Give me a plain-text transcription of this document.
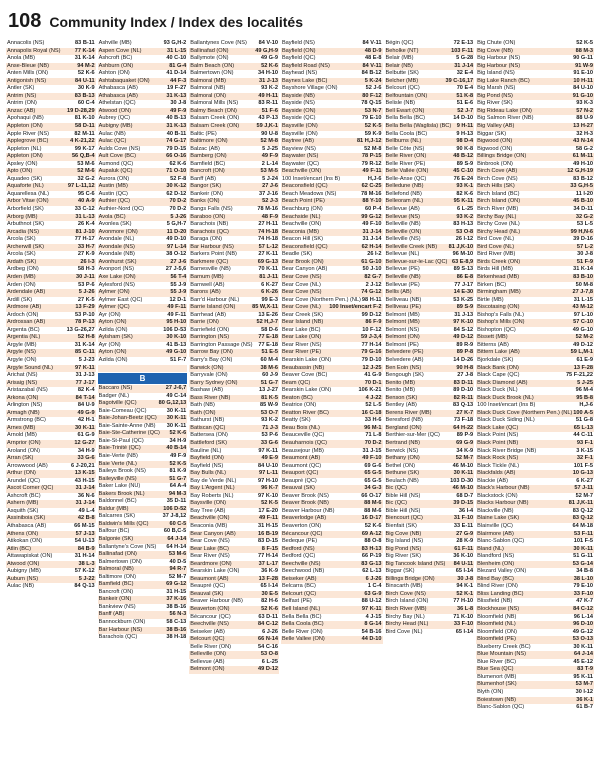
108 Community Index / Index des localités
Annacolis (NS)	83 B-11
Annapolis Royal (NS)	77 K-14
Anola (MB)	31 K-14
Anse-Bleue (NB)	94 M-2
Anten Mills (ON)	52 K-6
Antigonish (NS)	84 U-11
Antler (SK)	30 K-9
Antrim (NS)	83 B-13
Antrim (ON)	60 C-4
Anzac (AB)	19 D-28,29
Apohaqui (NB)	81 K-10
Appleton (ON)	58 D-11
Apple River (NS)	82 M-11
Applegrove (BC)	4 K-21,22
Appleton (NL)	99 K-17
Appleton (ON)	56 Q,B-4
Apsley (ON)	53 M-6
Apto (ON)	52 M-6
Aquadeo (SK)	32 G-2
Aquaforte (NL)	97 L-11,12
Aquarellesa (NL)	95 C-6
Arbor Vitae (ON)	40 A-9
Arborfield (SK)	33 C-12
Arborg (MB)	31 L-13
Arbuthnot (SK)	26 K-4
Arcadia (NS)	81 J-10
Arcola (SK)	77 H-17
Archerwill (SK)	33 H-7
Arcola (SK)	27 K-9
Ardath (SK)	26 I-3
Ardbeg (ON)	58 H-3
Arden (MB)	30 J-11
Arden (ON)	53 P-6
Ardendale (AB)	5 J-26
Ardill (SK)	27 K-5
Ardmore (AB)	13 F-29
Ardoch (ON)	53 P-10
Ardrossan (AB)	78 P-13
Argenta (BC)	13 G-26,27
Argentia (NL)	52 H-8
Argyle (MB)	31 K-14
Argyle (NS)	85 C-11
Argyle (ON)	5 J-23
Argyle Sound (NL)	97 K-11
Arichat (NS)	31 J-13
Arisaig (NS)	77 J-17
Aristazabal (NS)	82 K-4
Arkona (ON)	84 T-14
Arlington (NS)	84 U-9
Armagh (NB)	49 G-9
Armstrong (BC)	42 H-1
Arnes (MB)	30 K-11
Arnold (MB)	61 G-9
Arnprior (ON)	12 G-27
Aroland (ON)	34 H-9
Arran (SK)	33 G-6
Arrowwood (AB)	6 J-20,21
Arthur (ON)	13 K-15
Arundel (QC)	43 H-15
Ascot Corner (QC)	31 J-14
Ashcroft (BC)	36 N-6
Ashern (MB)	31 J-14
Asquith (SK)	49 L-4
Assiniboia (SK)	42 B-8
Athabasca (AB)	66 M-15
Athens (ON)	57 J-13
Atikokan (ON)	54 U-13
Atlin (BC)	84 B-9
Attawapiskat (ON)	31 H-14
Atwood (ON)	38 L-3
Aubigny (MB)	57 K-12
Auburn (NS)	5 J-22
Aulac (NB)	84 Q-13
Ashville (MB)	93 G,H-2
Aspen Cove (NL)	31 L-15
Ashcroft (BC)	40 C-10
Ashburn (ON)	81 G-4
Ashton (ON)	41 D-14
Ashtabaquaket (ON)	44 F-3
Athabasca (AB)	19 F-27
Athabasca (AB)	31 K-13
Athelstan (QC)	30 J-8
Atwood (ON)	49 F-9
Aubrey (QC)	40 B-13
Aubigny (MB)	31 K-13
Aulac (NB)	40 B-11
Aulac (QC)	74 G-17
Aulds Cove (NS)	79 D-15
Ault Cove (BC)	66 O-16
Aumond (QC)	62 K-6
Aupaluk (QC)	71 O-10
Aurora (ON)	52 F-8
Austin (MB)	30 K-12
Austin (QC)	62 D-12
Authier (QC)	70 D-2
Authier-Nord (QC)	70 D-2
Avola (BC)	5 J-26
Avonlea (SK)	5 G,H-7
Avonmore (ON)	11 D-20
Avondale (NL)	49 D-10
Avondale (NS)	97 L-14
Avondale (NB)	38 O-12
Avonhurst (SK)	27 J-6
Avonport (NS)	27 J-5,6
Axe Lake (ON)	56 T-4
Aylesford (NS)	55 J-9
Aylmer (ON)	55 J-9
Aylmer East (QC)	12 D-1
Aylmer (QC)	49 F-11
Ayr (ON)	49 F-11
Ayton (ON)	95 H-10
Azilda (ON)	106 D-53
Aylsham (SK)	30 K-10
Ayr (ON)	41 B-13
Ayton (ON)	49 G-10
Azilda (ON)	51 F-7
B
Baccaro (NS)	27 J-6,7
Badger (NL)	49 C-14
Bagotville (QC)	80 G,12,13
Baie-Comeau (QC)	30 K-11
Baie-Johan-Beetz (QC) 30 K-11
Baie-Sainte-Anne (NB) 30 K-11
Baie-Ste-Catherine (QC) 52 K-6
Baie-St-Paul (QC)	34 H-9
Baie-Trinité (QC)	40 B-14
Baie-Verte (NB)	49 F-9
Baie Verte (NL)	52 K-5
Baileys Brook (NS)	81 K-9
Baileyville (NS)	51 G-7
Baker Lake (NU)	64 A-4
Bakers Brook (NL)	94 M-3
Baldonnel (BC)	35 D-11
Baldur (MB)	106 D-52
Balcarres (SK)	37 J-8,12
Baldwin's Mills (QC)	60 C-5
Balfour (BC)	60 B,C-5
Balgonie (SK)	64 J-14
Ballantyne's Cove (NS) 64 H-14
Ballinafad (ON)	53 M-6
Balmertown (ON)	40 D-5
Balmoral (NB)	94 R-7
Baltimore (ON)	52 M-7
Bamfield (BC)	69 G-12
Bancroft (ON)	31 H-15
Bankeir (ON)	37 K-16
Bankview (NS)	38 B-16
Banff (AB)	56 N-3
Bannockburn (ON)	58 C-13
Bar Harbour (NS)	38 B-16
Barachois (QC)	38 H-18
Ballantynes Cove (NS) 84 V-10
Ballinafad (ON)	49 G,H-9
Ballymote (ON)	49 G-9
Balm Beach (ON)	52 K-6
Balmertown (ON)	34 H-10
Balmoral (MB)	31 J-13
Balmoral (NB)	93 K-2
Balmoral (ON)	49 H-11
Balmoral Mills (NS)	83 R-11
Balmy Beach (ON)	51 F-6
Balsam Creek (ON)	43 P-13
Balsam Creek (ON)	59 J,K-1
Baltic (PE)	90 U-8
Baltimore (ON)	52 M-8
Balzac (AB)	5 J-25
Bamberg (ON)	49 F-9
Bamfield (BC)	2 L-14
Bancroft (ON)	53 M-5
Banff (AB)	5 J-24
Bangor (SK)	27 J-6
Bankeir (ON)	37 J-16
Banks (ON)	52 J-3
Bangs Falls (NS)	78 M-16
Baraboo (ON)	48 F-9
Barachois (NB)	27 H-11
Barachois (QC)	74 H-18
Baraga (ON)	74 H-18
Bar Harbour (NS)	57 L-12
Barkers Point (NB)	27 K-11
Barkmere (QC)	69 G-13
Barnesville (NB)	70 K-11
Barnum (MB)	81 J-11
Barnwell (AB)	6 K-27
Barons (AB)	6 K-26
Barr'd Harbour (NL)	99 E-3
Barrie Island (ON)	85 W,X-11
Barrhead (AB)	13 E-26
Barrie (ON)	52 H,J-7
Barriefield (ON)	58 D-6
Barrington (NS)	77 E-18
Barrington Passage (NS) 77 E-18
Barrow Bay (ON)	51 E-5
Barry's Bay (ON)	60 M-4
Barwick (ON)	38 M-6
Barryvale (ON)	60 J-9
Barry Sydney (ON)	51 G-7
Bashaw (AB)	13 J-27
Bass River (NB)	81 K-5
Bath (NB)	85 W-9
Bath (ON)	53 O-7
Bathurst (NB)	93 K-2
Batiscan (QC)	71 J-3
Battersea (ON)	53 P-6
Battleford (SK)	33 G-6
Bauline (NL)	97 K-11
Bayfield (ON)	49 E-9
Bayfield (NS)	84 U-10
Bay Bulls (NL)	97 L-11
Bay de Verde (NL)	97 H-10
Bay L'Argent (NL)	96 K-7
Bay Roberts (NL)	97 K-10
Baysville (ON)	52 K-5
Bay Tree (AB)	17 E-20
Beachville (ON)	49 F-11
Beaconia (MB)	31 H-15
Bear Canyon (AB)	16 B-19
Bear Cove (NS)	83 D-15
Bear Lake (BC)	8 F-15
Bear River (NS)	77 H-14
Beardmore (ON)	37 L-17
Bearskin Lake (ON)	36 K-9
Beaumont (AB)	13 F-28
Beaupré (QC)	65 I-14
Beauval (SK)	30 E-5
Beaver Harbour (NB)	82 H-6
Beaverton (ON)	52 K-6
Bécancour (QC)	63 D-11
Beechville (NS)	84 C-12
Beiseker (AB)	6 J-26
Belcourt (QC)	66 N-14
Belle River (ON)	54 C-16
Belleville (ON)	53 O-8
Bellevue (AB)	6 L-25
Belmont (ON)	49 D-12
Bayfield (NS)	84 V-11
Bayfield (ON)	48 D-9
Bayfield (QC)	48 E-8
Bayfield Road (NS)	84 V-11
Bayhead (NS)	84 B-12
Baynes Lake (BC)	5 K-24
Bayshore Village (ON)	52 J-6
Bayside (NB)	80 F-12
Bayside (NS)	78 Q-15
Bayside (ON)	53 N-7
Bayside (QC)	79 E-10
Baysville (ON)	52 K-5
Baysville (ON)	59 K-9
Baytree (AB)	81 H,J-12
Bayview (NS)	52 M-8
Baywater (NS)	78 P-15
Baywater (QC)	79 R-12
Beachville (ON)	49 F-11
100 Inset/encart (Ins B)	H,J-6
Beaconsfield (QC)	62 C-25
Beach Meadows (NS)	78 M-16
Beach Point (PE)	88 Y-10
Beachburg (ON)	60 P-4
Beachside (NL)	99 G-12
Beachville (ON)	49 F-10
Beaconia (MB)	31 J-14
Beacon Hill (SK)	31 J-14
Beaconsfield (QC)	62 H-14
Beadle (SK)	26 I-2
Bear Brook (ON)	61 G-10
Bear Canyon (AB)	50 J-10
Bear Cove (NS)	82 G-7
Bear Cove (NL)	2 J-12
Bear Cove (NS)	74 G-12
Bear Cove (Northern Pen.) (NL) 98 H-11
Bear Cove (NL) 100 Inset/encart F-2
Bear Creek (SK)	99 D-12
Bear Island (NB)	86 F-9
Bear Lake (BC)	10 F-12
Bear Lake (ON)	59 J-3,4
Bear River (NS)	77 H-14
Bear River (PE)	79 G-16
Bearskin Lake (ON)	79 D-10
Beaubassin (NB)	12 J-25
Beaver Cove (BC)	41 G-9
Beam (QC)	70 D-1
Bearskin Lake (ON)	106 K-21
Beaton (BC)	4 J-22
Beatrice (ON)	52 L-5
Beatton River (BC)	16 C-18
Beatty (SK)	33 H-6
Beau Bois (NL)	96 M-1
Beauceville (QC)	71 L-8
Beauharnois (QC)	70 D-2
Beausejour (MB)	31 J-15
Beaumont (AB)	49 F-10
Beaumont (QC)	69 G-6
Beauport (QC)	65 G-5
Beaupré (QC)	65 G-5
Beauval (SK)	34 G-3
Beaver Brook (NS)	66 O-17
Beaver Brook (NB)	88 M-6
Beaver Harbour (NB)	88 M-6
Beaverlodge (AB)	16 D-17
Beaverton (ON)	52 K-6
Bécancour (QC)	69 A-12
Bedeque (PE)	88 O-8
Bedford (NS)	83 H-13
Bedford (QC)	66 P-19
Beechville (NS)	83 G-13
Beechwood (NB)	62 L-13
Beiseker (AB)	6 J-26
Belcarra (BC)	1 C-4
Belcourt (QC)	63 G-9
Belfast (PE)	88 U-12
Bell Island (NL)	97 K-11
Bella Bella (BC)	4 J-15
Bella Coola (BC)	8 G-14
Belle River (ON)	54 B-16
Belle Vallee (ON)	44 D-10
Bégin (QC)	72 E-13
Beholke (NT)	103 F-11
Belair (MB)	5 G-28
Belair (NB)	31 J-14
Belbutte (SK)	32 E-4
Belcher (MB)	39 C-16,17
Belcourt (QC)	70 E-4
Belfountain (ON)	51 K-8
Belisle (NB)	51 E-6
Bell Ewart (ON)	52 J-7
Bella Bella (BC)	14 D-10
Bella Bella (Waglisla) (BC) 9 H-11
Bella Coola (BC)	9 H-13
Bellburns (NL)	98 D-4
Belle Côte (NS)	90 K-8
Belle River (ON)	48 B-12
Belle River (PE)	89 S-9
Belle Vallée (ON)	45 C-10
Belle-Anse (QC)	76 E-24
Belledune (NB)	93 K-1
Bellefond (NB)	82 K-6
Belleoram (NL)	95 K-11
Bellevue (AB)	6 L-25
Bellevue (NS)	93 K-2
Belleville (NB)	83 H-13
Belleville (ON)	53 O-8
Belleville (NS)	26 I-12
Belleville Creek (NB) 81 J,K-10
Bellevue (NL)	96 M-10
Bellevue-sur-le-Lac (QC) 63 E-8,9
Bellevue (PE)	89 S-13
Belleville (NB)	86 E-8
Bellevue (PE)	77 J-17
Bellis (AB)	14 E-30
Belliveau (NB)	53 K-25
Belliveau (PE)	89 S-9
Belmont (MB)	31 J-13
Belmont (MB)	97 K-10
Belmont (NS)	84 S-12
Belmont (ON)	49 D-12
Belmont (PE)	89 R-9
Belvedere (PE)	89 P-8
Belvedere (AB)	14 D-26
Ben Eoin (NS)	90 H-8
Bengough (SK)	27 J-8
Benito (MB)	83 D-11
Benito (MB)	89 D-10
Benson (SK)	82 R-11
Bentley (AB)	83 Q-13
Berens River (MB)	27 K-7
Beresford (NB)	73 F-18
Bergland (ON)	64 H-22
Berthier-sur-Mer (QC)	89 P-9
Bertrand (NB)	69 G-9
Berwick (NS)	34 K-9
Bethany (ON)	52 M-7
Bethel (ON)	46 M-10
Bethune (SK)	30 K-11
Beulach (NB)	103 D-30
Bic (QC)	46 M-10
Bible Hill (NS)	68 D-7
Bic (QC)	39 D-15
Bible Hill (NS)	36 I-4
Biencourt (QC)	31 F-10
Bienfait (SK)	33 E-11
Big Cove (NB)	27 G-9
Big Island (NS)	28 K-9
Big Pond (NS)	61 F-11
Big River (SK)	36 K-10
Big Tancook Island (NS) 84 U-11
Biggar (SK)	65 I-14
Billings Bridge (ON)	30 J-8
Binscarth (MB)	94 K-1
Birch Cove (NS)	52 K-1
Birch Island (ON)	77 H-10
Birch River (MB)	36 L-8
Birchy Bay (NL)	71 K-10
Birchy Head (NL)	33 F-10
Bird Cove (NL)	65 I-14
Big Chute (ON)	52 K-5
Big Cove (NB)	88 M-3
Big Harbour (NS)	90 G-11
Big Harbour (NS)	91 W-9
Big Island (NS)	91 E-10
Big Lake Ranch (BC)	10 H-11
Big Marsh (NS)	84 U-10
Big Pond (NS)	91 G-10
Big River (SK)	93 K-3
Big Rideau Lake (ON)	57 N-2
Big Salmon River (NB)	88 U-9
Big Valley (AB)	13 H-27
Biggar (SK)	32 H-3
Bigwood (ON)	43 N-14
Bigwood (ON)	58 G-2
Billings Bridge (ON)	61 M-11
Binbrook (ON)	49 H-10
Birch Cove (AB)	12 G,H-19
Birch Cove (NS)	83 B-12
Birch Hills (SK)	33 G,H-5
Birch Island (BC)	11 I-20
Birch Island (ON)	45 B-10
Birch River (MB)	34 D-11
Birchy Bay (NL)	32 G-2
Birchy Cove (NL)	53 L-5
Birchy Head (NL)	99 H,N-6
Bird Cove (NL)	39 D-16
Bird Cove (NL)	57 L-2
Bird River (MB)	30 J-8
Birds Creek (ON)	51 F-9
Birds Hill (MB)	31 K-14
Birkenhead (MB)	83 B-10
Birken (BC)	50 M-8
Birmingham (MB)	27 J-7,8
Birtle (MB)	31 L-15
Biscotasing (ON)	43 M-12
Bishop's Falls (NL)	97 L-10
Bishop's Mills (ON)	57 C-10
Bishopton (QC)	49 G-10
Bissett (MB)	52 M-2
Bitterns (AB)	49 D-12
Bittern Lake (AB)	59 L,M-1
Bjorkdale (SK)	61 E-9
Black Bank (ON)	13 F-28
Black Cape (QC)	75 F-21,22
Black Diamond (AB)	5 J-25
Black Duck (NL)	96 M-4
Black Duck Brook (NL)	95 B-8
100 Inset/encart (Ins B)	H,J-6
Black Duck Cove (Northern Pen.) (NL) 100 A-5
Black Duck Siding (NL)	51 G-8
Black Lake (QC)	65 L-13
Black Point (NS)	44 C-11
Black Point (NB)	93 F-1
Black River Bridge (NB)	3 K-15
Black Rock (NS)	32 F-1
Black Tickle (NL)	101 F-5
Blackfalds (AB)	10 G-13
Blackie (AB)	6 K-27
Black's Harbour (NB)	57 J-11
Blackstock (ON)	52 M-7
Blacks Harbour (NB)	81 J,K-11
Blackville (NB)	83 Q-12
Blaine Lake (SK)	83 Q-12
Blainville (QC)	64 M-18
Blairmore (AB)	53 F-11
Blanc-Sablon (QC)	101 F-5
Bland (NL)	30 K-11
Blandford (NS)	51 G-11
Blenheim (ON)	53 G-14
Blezard Valley (ON)	34 B-8
Blind Bay (BC)	38 L-10
Blind River (ON)	79 E-10
Bliss Landing (BC)	33 F-10
Blissfield (NB)	47 K-7
Blockhouse (NS)	84 C-12
Bloomfield (NB)	96 L-14
Bloomfield (NL)	96 D-10
Bloomfield (ON)	49 G-12
Bloomfield (PE)	53 O-13
Blueberry Creek (BC)	30 K-11
Blue Mountain (NS)	64 J-14
Blue River (BC)	45 E-12
Blue Sea (QC)	83 T-9
Blumenort (MB)	95 K-11
Blumenhof (SK)	53 M-7
Blyth (ON)	30 I-12
Boiestown (NB)	36 K-1
Blanc-Sablon (QC)	61 B-7
